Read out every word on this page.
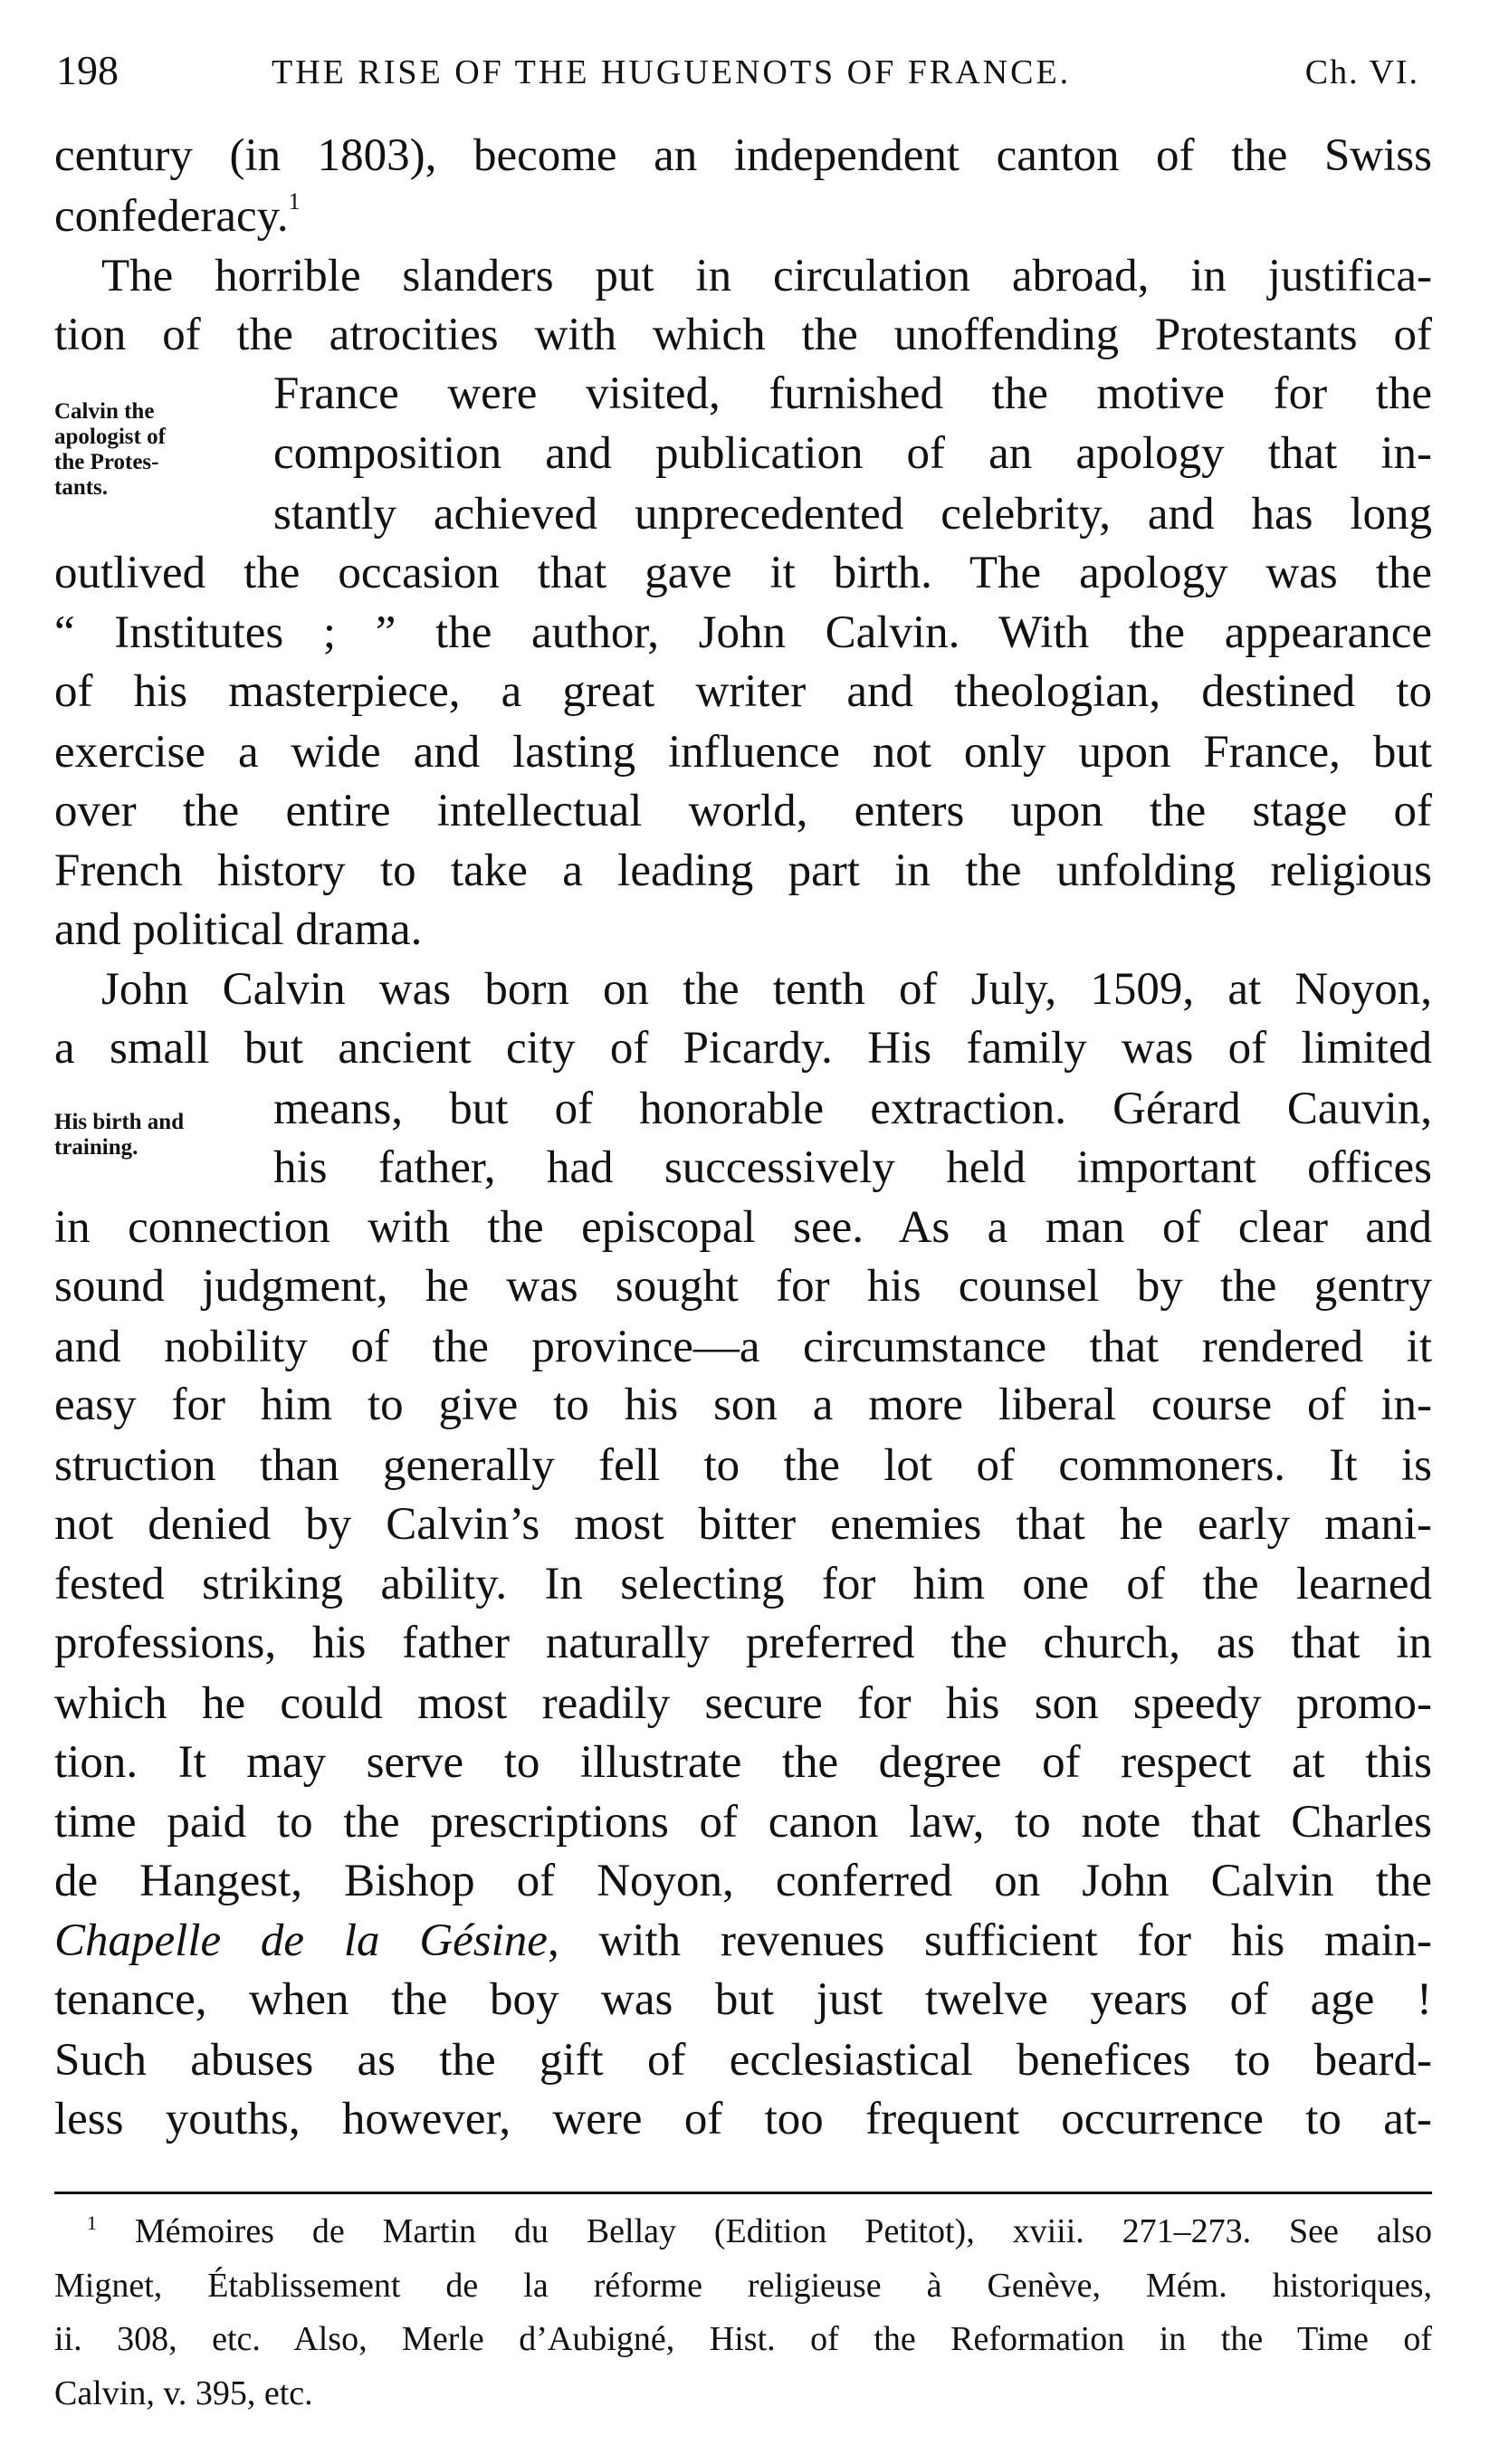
198	THE RISE OF THE HUGUENOTS OF FRANCE.	Ch. VI.
century (in 1803), become an independent canton of the Swiss
confederacy.$^1$
The horrible slanders put in circulation abroad, in justifica-
tion of the atrocities with which the unoffending Protestants of
France were visited, furnished the motive for the
composition and publication of an apology that in-
stantly achieved unprecedented celebrity, and has long
outlived the occasion that gave it birth. The apology was the
“ Institutes ; ” the author, John Calvin. With the appearance
of his masterpiece, a great writer and theologian, destined to
exercise a wide and lasting influence not only upon France, but
over the entire intellectual world, enters upon the stage of
French history to take a leading part in the unfolding religious
and political drama.
John Calvin was born on the tenth of July, 1509, at Noyon,
a small but ancient city of Picardy. His family was of limited
means, but of honorable extraction. Gérard Cauvin,
his father, had successively held important offices
in connection with the episcopal see. As a man of clear and
sound judgment, he was sought for his counsel by the gentry
and nobility of the province—a circumstance that rendered it
easy for him to give to his son a more liberal course of in-
struction than generally fell to the lot of commoners. It is
not denied by Calvin’s most bitter enemies that he early mani-
fested striking ability. In selecting for him one of the learned
professions, his father naturally preferred the church, as that in
which he could most readily secure for his son speedy promo-
tion. It may serve to illustrate the degree of respect at this
time paid to the prescriptions of canon law, to note that Charles
de Hangest, Bishop of Noyon, conferred on John Calvin the
Chapelle de la Gésine, with revenues sufficient for his main-
tenance, when the boy was but just twelve years of age !
Such abuses as the gift of ecclesiastical benefices to beard-
less youths, however, were of too frequent occurrence to at-
Calvin the
apologist of
the Protes-
tants.
His birth and
training.
$^1$ Mémoires de Martin du Bellay (Edition Petitot), xviii. 271–273. See also
Mignet, Établissement de la réforme religieuse à Genève, Mém. historiques,
ii. 308, etc. Also, Merle d’Aubigné, Hist. of the Reformation in the Time of
Calvin, v. 395, etc.
